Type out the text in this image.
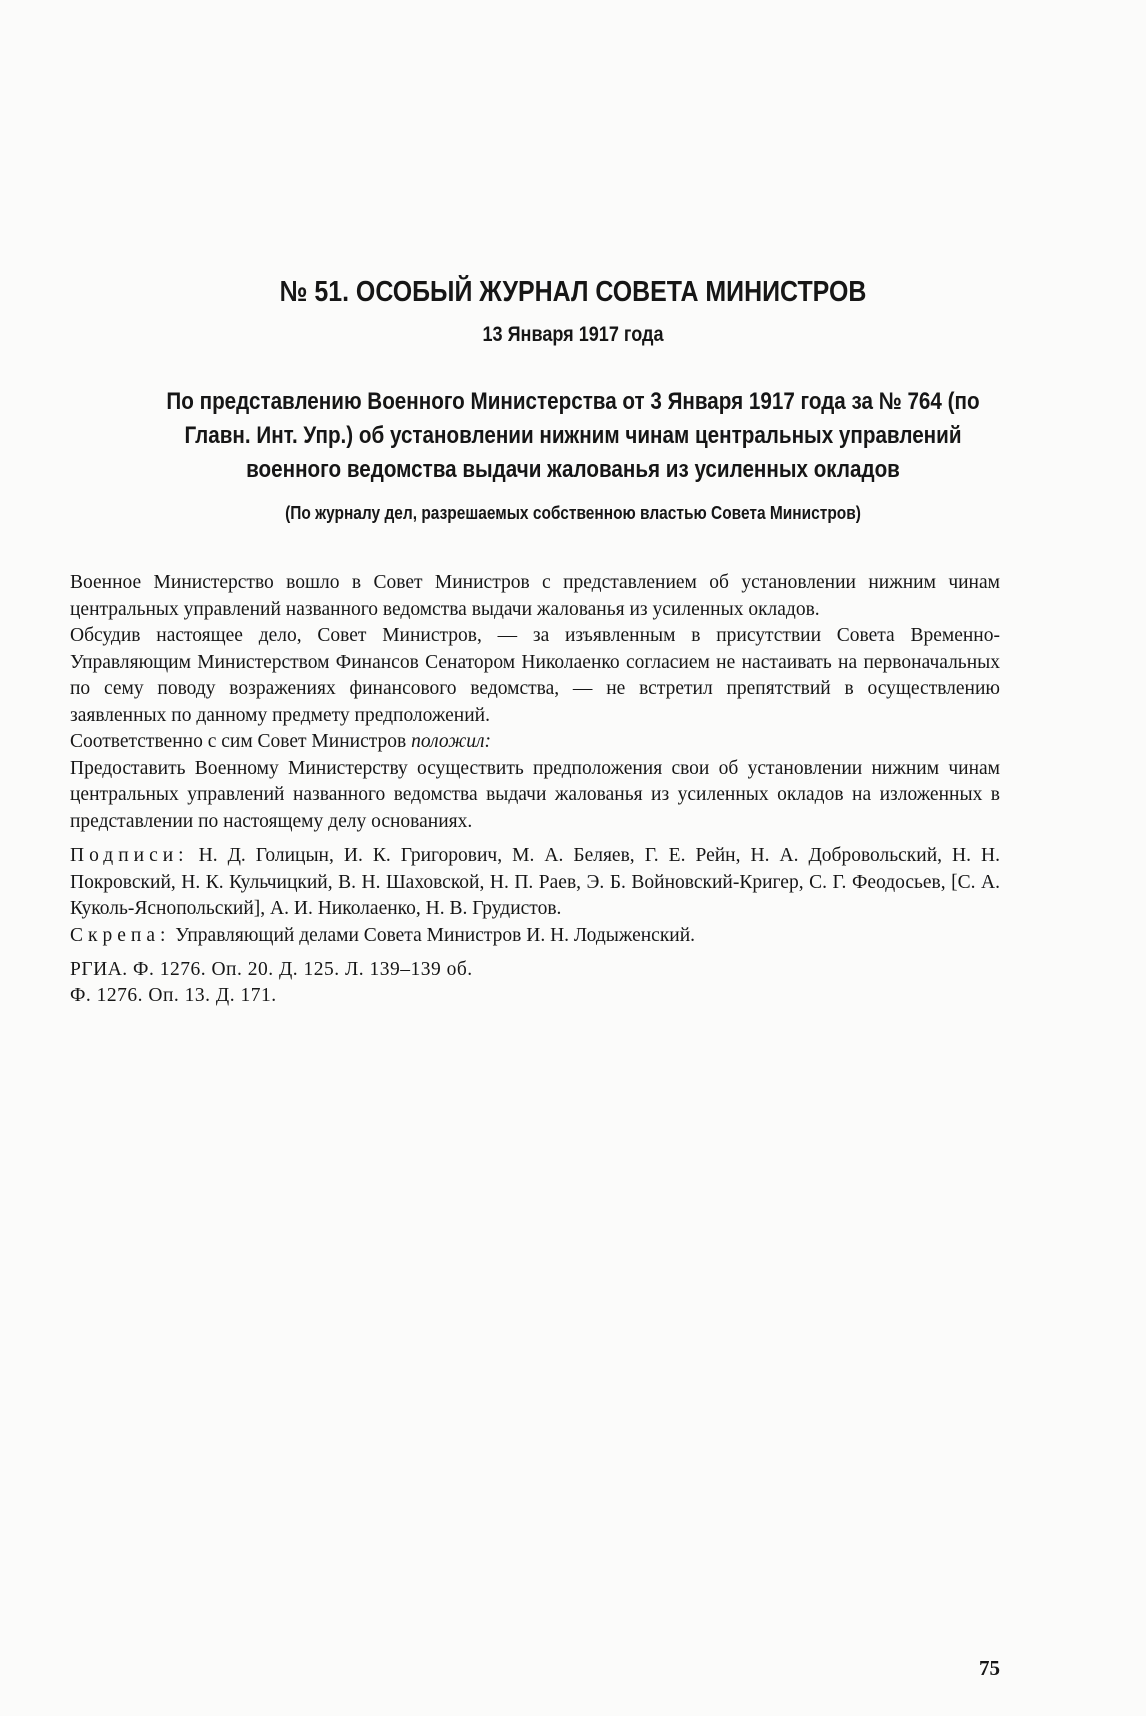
№ 51. ОСОБЫЙ ЖУРНАЛ СОВЕТА МИНИСТРОВ
13 Января 1917 года
По представлению Военного Министерства от 3 Января 1917 года за № 764 (по Главн. Инт. Упр.) об установлении нижним чинам центральных управлений военного ведомства выдачи жалованья из усиленных окладов
(По журналу дел, разрешаемых собственною властью Совета Министров)

Военное Министерство вошло в Совет Министров с представлением об установлении нижним чинам центральных управлений названного ведомства выдачи жалованья из усиленных окладов.

Обсудив настоящее дело, Совет Министров, — за изъявленным в присутствии Совета Временно-Управляющим Министерством Финансов Сенатором Николаенко согласием не настаивать на первоначальных по сему поводу возражениях финансового ведомства, — не встретил препятствий в осуществлению заявленных по данному предмету предположений.

Соответственно с сим Совет Министров положил:

Предоставить Военному Министерству осуществить предположения свои об установлении нижним чинам центральных управлений названного ведомства выдачи жалованья из усиленных окладов на изложенных в представлении по настоящему делу основаниях.

Подписи: Н. Д. Голицын, И. К. Григорович, М. А. Беляев, Г. Е. Рейн, Н. А. Добровольский, Н. Н. Покровский, Н. К. Кульчицкий, В. Н. Шаховской, Н. П. Раев, Э. Б. Войновский-Кригер, С. Г. Феодосьев, [С. А. Куколь-Яснопольский], А. И. Николаенко, Н. В. Грудистов.

Скрепа: Управляющий делами Совета Министров И. Н. Лодыженский.

РГИА. Ф. 1276. Оп. 20. Д. 125. Л. 139–139 об.
Ф. 1276. Оп. 13. Д. 171.
75
